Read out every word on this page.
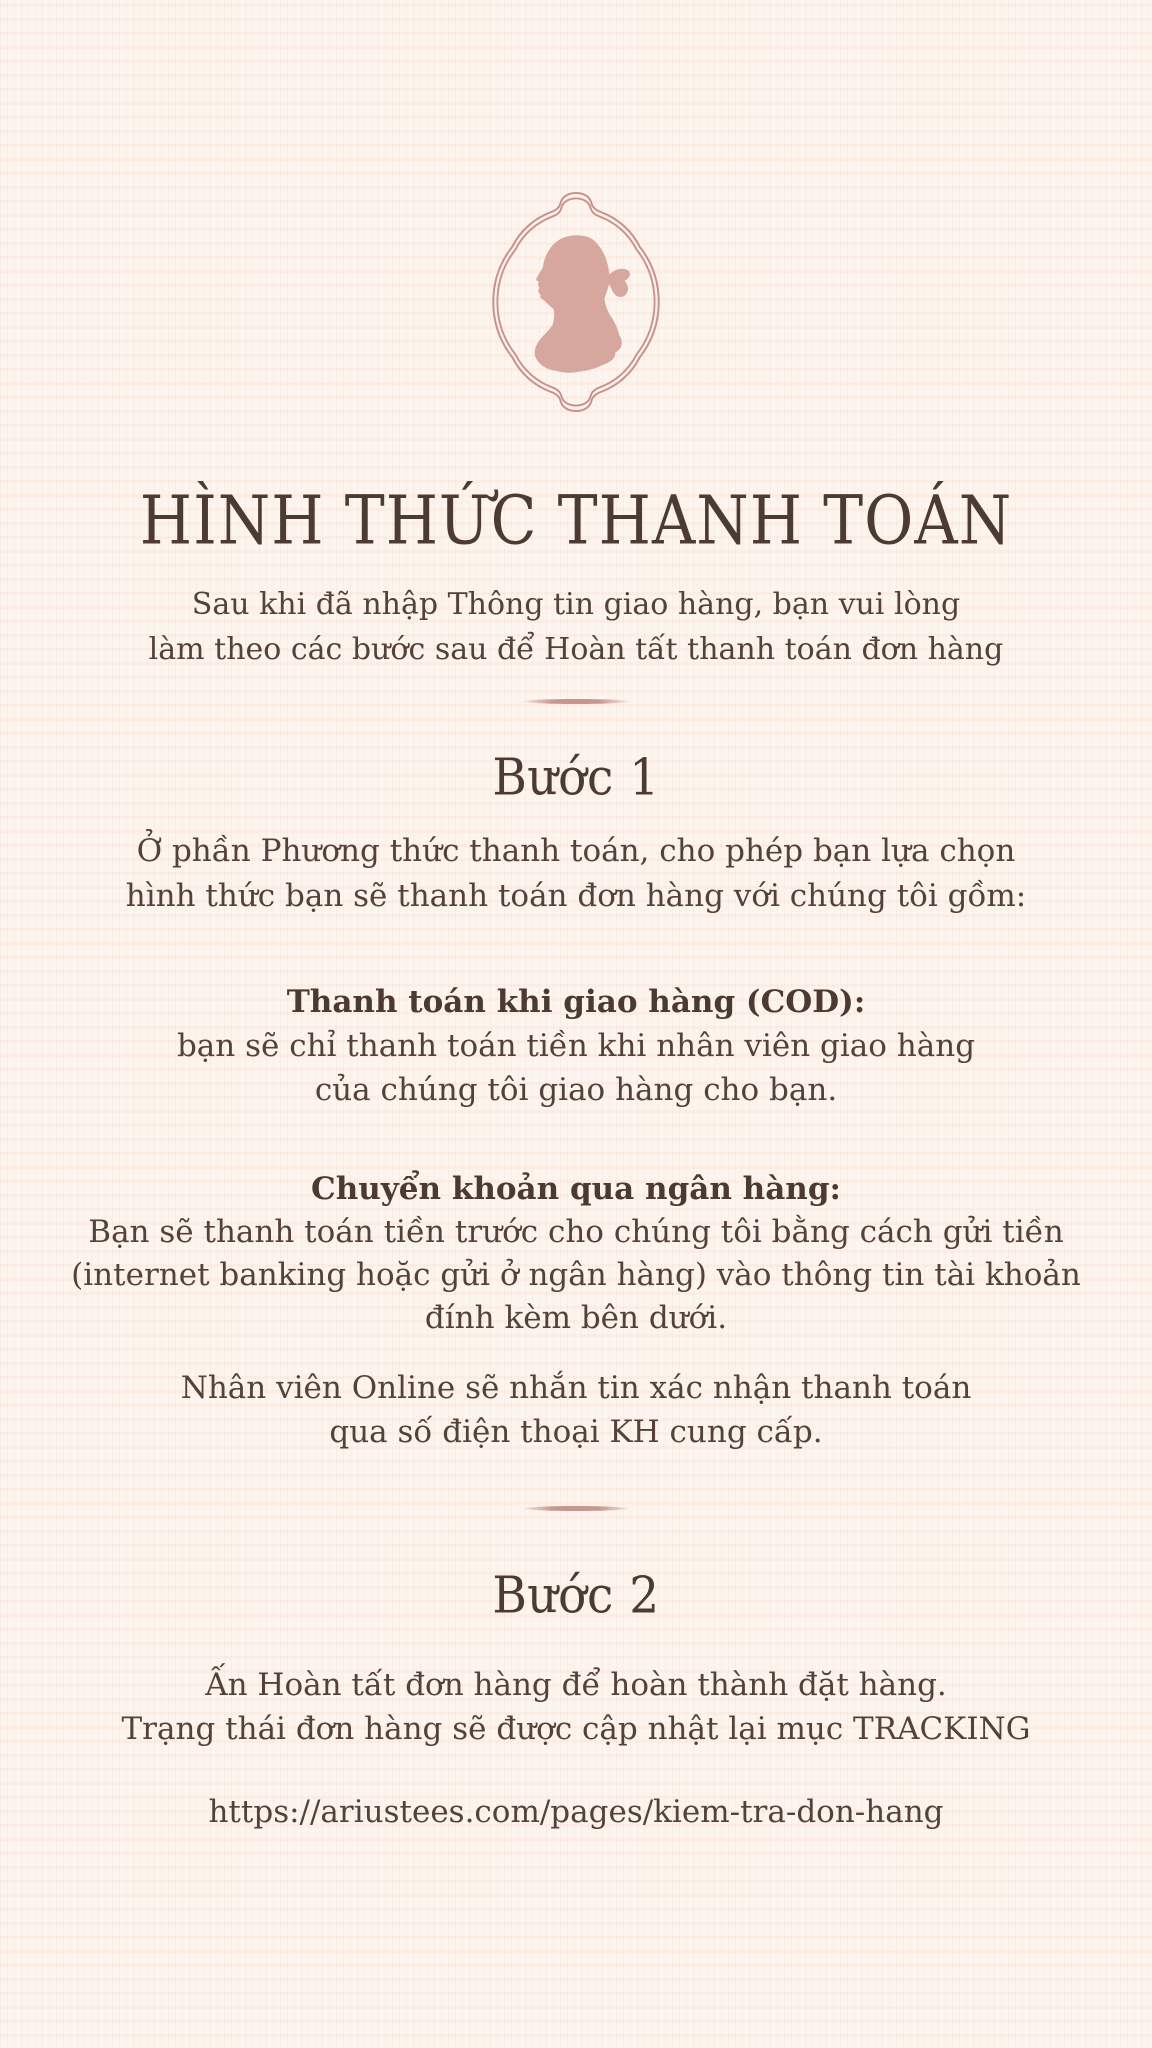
HÌNH THỨC THANH TOÁN
Sau khi đã nhập Thông tin giao hàng, bạn vui lòng
làm theo các bước sau để Hoàn tất thanh toán đơn hàng
Bước 1
Ở phần Phương thức thanh toán, cho phép bạn lựa chọn
hình thức bạn sẽ thanh toán đơn hàng với chúng tôi gồm:
Thanh toán khi giao hàng (COD):
bạn sẽ chỉ thanh toán tiền khi nhân viên giao hàng
của chúng tôi giao hàng cho bạn.
Chuyển khoản qua ngân hàng:
Bạn sẽ thanh toán tiền trước cho chúng tôi bằng cách gửi tiền
(internet banking hoặc gửi ở ngân hàng) vào thông tin tài khoản
đính kèm bên dưới.
Nhân viên Online sẽ nhắn tin xác nhận thanh toán
qua số điện thoại KH cung cấp.
Bước 2
Ấn Hoàn tất đơn hàng để hoàn thành đặt hàng.
Trạng thái đơn hàng sẽ được cập nhật lại mục TRACKING
https://ariustees.com/pages/kiem-tra-don-hang
